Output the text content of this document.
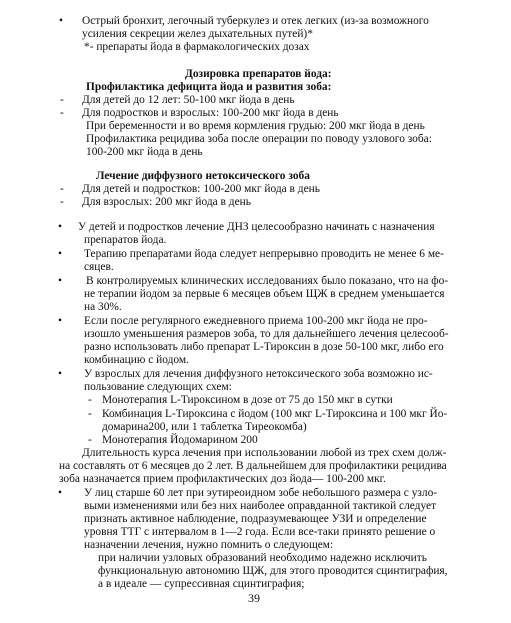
• Острый бронхит, легочный туберкулез и отек легких (из-за возможного
усиления секреции желез дыхательных путей)*
*- препараты йода в фармакологических дозах
Дозировка препаратов йода:
Профилактика дефицита йода и развития зоба:
- Для детей до 12 лет: 50-100 мкг йода в день
- Для подростков и взрослых: 100-200 мкг йода в день
При беременности и во время кормления грудью: 200 мкг йода в день
Профилактика рецидива зоба после операции по поводу узлового зоба:
100-200 мкг йода в день
Лечение диффузного нетоксического зоба
- Для детей и подростков: 100-200 мкг йода в день
- Для взрослых: 200 мкг йода в день
• У детей и подростков лечение ДНЗ целесообразно начинать с назначения
препаратов йода.
• Терапию препаратами йода следует непрерывно проводить не менее 6 ме-
сяцев.
• В контролируемых клинических исследованиях было показано, что на фо-
не терапии йодом за первые 6 месяцев объем ЩЖ в среднем уменьшается
на 30%.
• Если после регулярного ежедневного приема 100-200 мкг йода не про-
изошло уменьшения размеров зоба, то для дальнейшего лечения целесооб-
разно использовать либо препарат L-Тироксин в дозе 50-100 мкг, либо его
комбинацию с йодом.
• У взрослых для лечения диффузного нетоксического зоба возможно ис-
пользование следующих схем:
- Монотерапия L-Тироксином в дозе от 75 до 150 мкг в сутки
- Комбинация L-Тироксина с йодом (100 мкг L-Тироксина и 100 мкг Йо-
домарина200, или 1 таблетка Тиреокомба)
- Монотерапия Йодомарином 200
Длительность курса лечения при использовании любой из трех схем долж-
на составлять от 6 месяцев до 2 лет. В дальнейшем для профилактики рецидива
зоба назначается прием профилактических доз йода— 100-200 мкг.
• У лиц старше 60 лет при эутиреоидном зобе небольшого размера с узло-
выми изменениями или без них наиболее оправданной тактикой следует
признать активное наблюдение, подразумевающее УЗИ и определение
уровня ТТГ с интервалом в 1—2 года. Если все-таки принято решение о
назначении лечения, нужно помнить о следующем:
при наличии узловых образований необходимо надежно исключить
функциональную автономию ЩЖ, для этого проводится сцинтиграфия,
а в идеале — супрессивная сцинтиграфия;
39
